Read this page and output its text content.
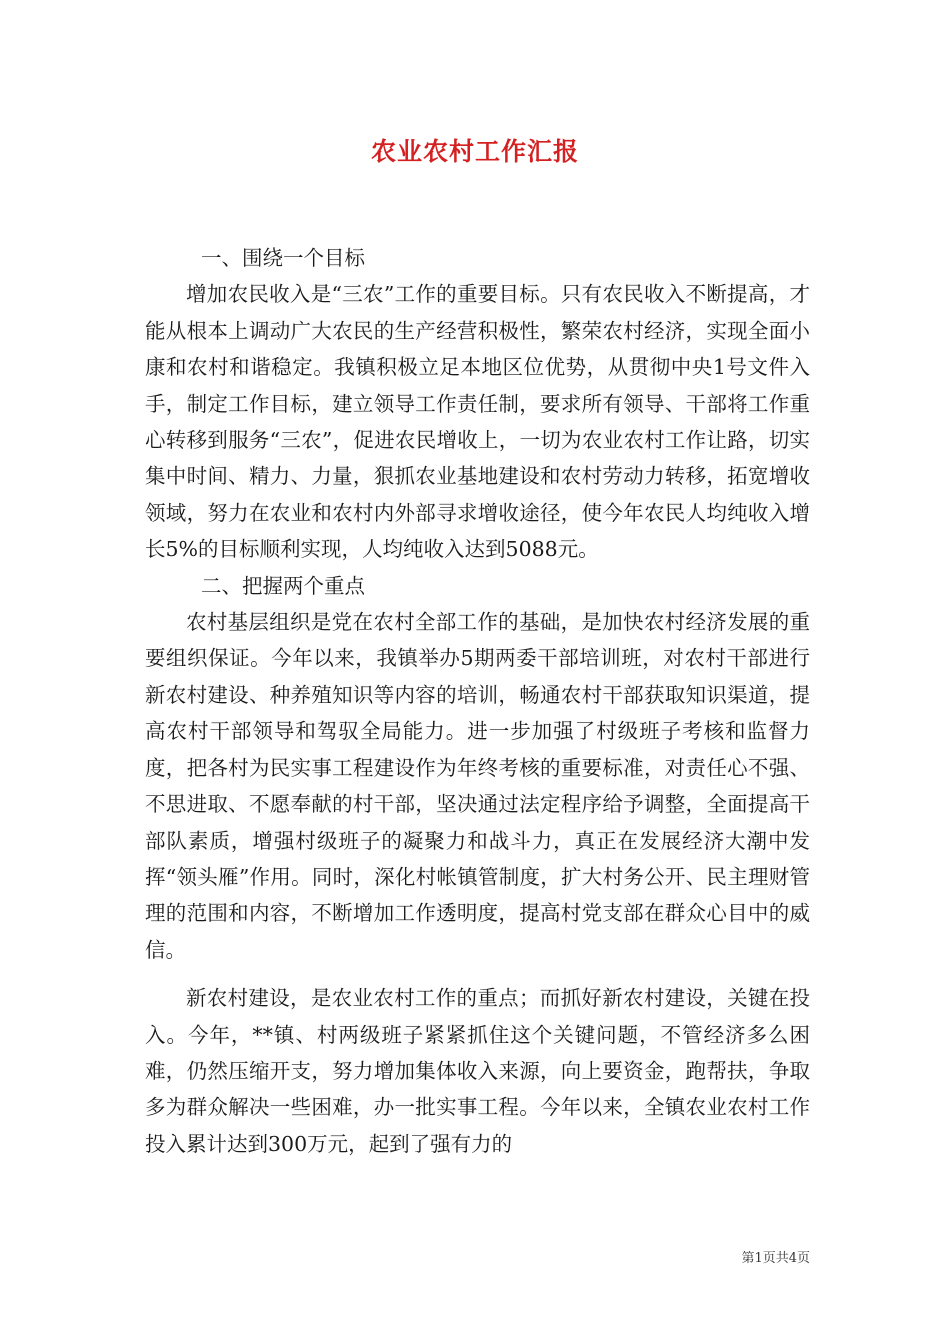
农业农村工作汇报

一、围绕一个目标

增加农民收入是“三农”工作的重要目标。只有农民收入不断提高，才能从根本上调动广大农民的生产经营积极性，繁荣农村经济，实现全面小康和农村和谐稳定。我镇积极立足本地区位优势，从贯彻中央1号文件入手，制定工作目标，建立领导工作责任制，要求所有领导、干部将工作重心转移到服务“三农”，促进农民增收上，一切为农业农村工作让路，切实集中时间、精力、力量，狠抓农业基地建设和农村劳动力转移，拓宽增收领域，努力在农业和农村内外部寻求增收途径，使今年农民人均纯收入增长5%的目标顺利实现，人均纯收入达到5088元。

二、把握两个重点

农村基层组织是党在农村全部工作的基础，是加快农村经济发展的重要组织保证。今年以来，我镇举办5期两委干部培训班，对农村干部进行新农村建设、种养殖知识等内容的培训，畅通农村干部获取知识渠道，提高农村干部领导和驾驭全局能力。进一步加强了村级班子考核和监督力度，把各村为民实事工程建设作为年终考核的重要标准，对责任心不强、不思进取、不愿奉献的村干部，坚决通过法定程序给予调整，全面提高干部队素质，增强村级班子的凝聚力和战斗力，真正在发展经济大潮中发挥“领头雁”作用。同时，深化村帐镇管制度，扩大村务公开、民主理财管理的范围和内容，不断增加工作透明度，提高村党支部在群众心目中的威信。

新农村建设，是农业农村工作的重点；而抓好新农村建设，关键在投入。今年，**镇、村两级班子紧紧抓住这个关键问题，不管经济多么困难，仍然压缩开支，努力增加集体收入来源，向上要资金，跑帮扶，争取多为群众解决一些困难，办一批实事工程。今年以来，全镇农业农村工作投入累计达到300万元，起到了强有力的

第1页共4页
